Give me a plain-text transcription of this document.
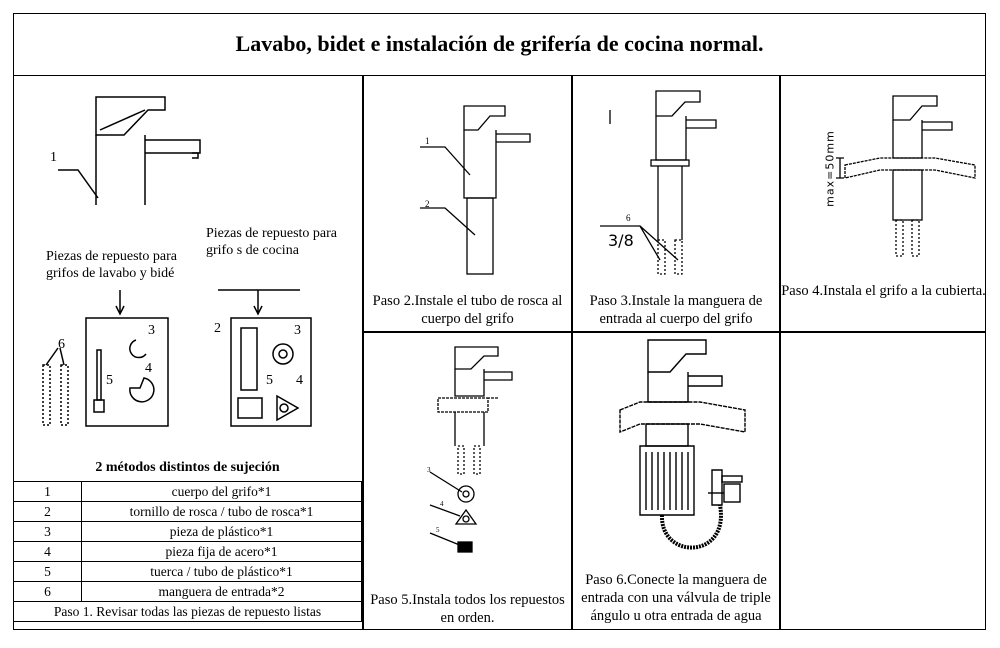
Lavabo, bidet e instalación de grifería de cocina normal.
1
Piezas de repuesto para grifos de lavabo y bidé
Piezas de repuesto para grifo s de cocina
6
3
4
5
2	3
5 4
2 métodos distintos de sujeción
1	cuerpo del grifo*1
2	tornillo de rosca / tubo de rosca*1
3	pieza de plástico*1
4	pieza fija de acero*1
5	tuerca / tubo de plástico*1
6	manguera de entrada*2
Paso 1. Revisar todas las piezas de repuesto listas	
1
2
Paso 2.Instale el tubo de rosca al cuerpo del grifo
6
3/8
Paso 3.Instale la manguera de entrada al cuerpo del grifo
max=50mm
Paso 4.Instala el grifo a la cubierta.
3
4
5
Paso 5.Instala todos los repuestos en orden.
Paso 6.Conecte la manguera de entrada con una válvula de triple ángulo u otra entrada de agua
